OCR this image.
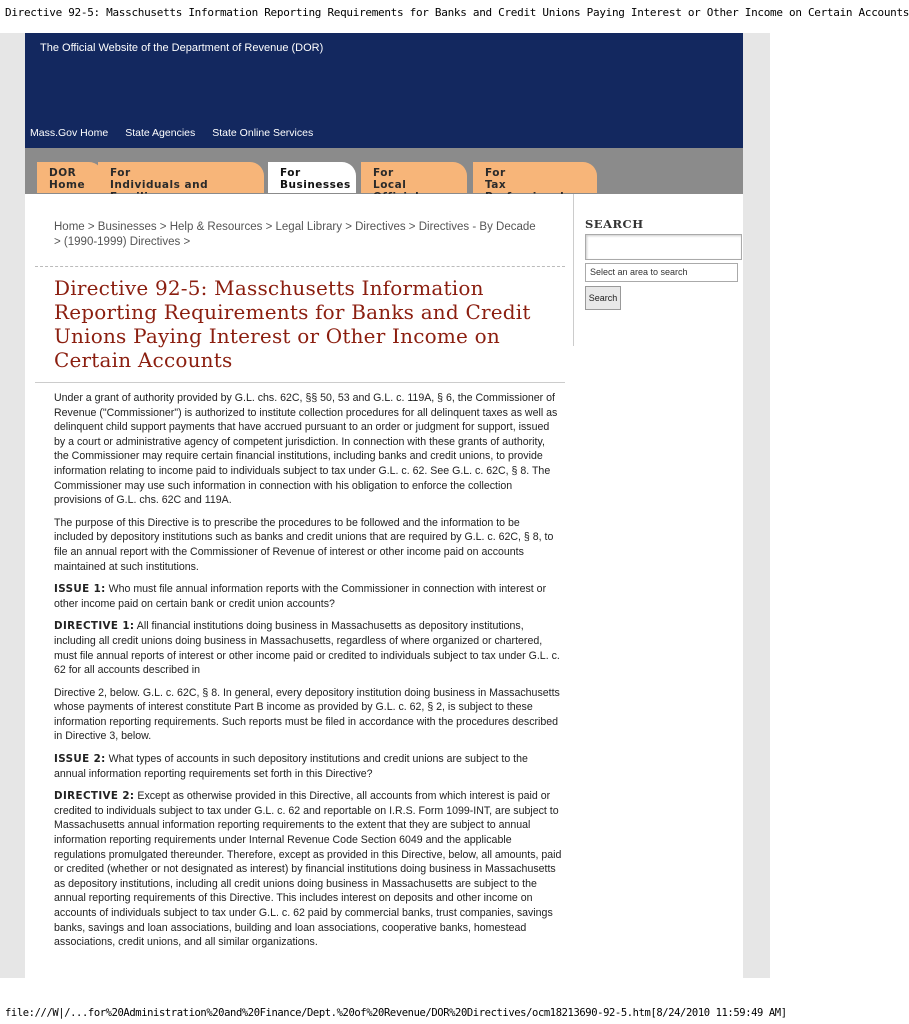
Directive 92-5: Masschusetts Information Reporting Requirements for Banks and Credit Unions Paying Interest or Other Income on Certain Accounts
The Official Website of the Department of Revenue (DOR)
Mass.Gov Home State Agencies State Online Services
DOR
Home
For
Individuals and
For
Businesses
For
Local
For
Tax
Home > Businesses > Help & Resources > Legal Library > Directives > Directives - By Decade > (1990-1999) Directives >
Directive 92-5: Masschusetts Information Reporting Requirements for Banks and Credit Unions Paying Interest or Other Income on Certain Accounts

Under a grant of authority provided by G.L. chs. 62C, §§ 50, 53 and G.L. c. 119A, § 6, the Commissioner of Revenue ("Commissioner") is authorized to institute collection procedures for all delinquent taxes as well as delinquent child support payments that have accrued pursuant to an order or judgment for support, issued by a court or administrative agency of competent jurisdiction. In connection with these grants of authority, the Commissioner may require certain financial institutions, including banks and credit unions, to provide information relating to income paid to individuals subject to tax under G.L. c. 62. See G.L. c. 62C, § 8. The Commissioner may use such information in connection with his obligation to enforce the collection provisions of G.L. chs. 62C and 119A.

The purpose of this Directive is to prescribe the procedures to be followed and the information to be included by depository institutions such as banks and credit unions that are required by G.L. c. 62C, § 8, to file an annual report with the Commissioner of Revenue of interest or other income paid on accounts maintained at such institutions.

ISSUE 1: Who must file annual information reports with the Commissioner in connection with interest or other income paid on certain bank or credit union accounts?

DIRECTIVE 1: All financial institutions doing business in Massachusetts as depository institutions, including all credit unions doing business in Massachusetts, regardless of where organized or chartered, must file annual reports of interest or other income paid or credited to individuals subject to tax under G.L. c. 62 for all accounts described in

Directive 2, below. G.L. c. 62C, § 8. In general, every depository institution doing business in Massachusetts whose payments of interest constitute Part B income as provided by G.L. c. 62, § 2, is subject to these information reporting requirements. Such reports must be filed in accordance with the procedures described in Directive 3, below.

ISSUE 2: What types of accounts in such depository institutions and credit unions are subject to the annual information reporting requirements set forth in this Directive?

DIRECTIVE 2: Except as otherwise provided in this Directive, all accounts from which interest is paid or credited to individuals subject to tax under G.L. c. 62 and reportable on I.R.S. Form 1099-INT, are subject to Massachusetts annual information reporting requirements to the extent that they are subject to annual information reporting requirements under Internal Revenue Code Section 6049 and the applicable regulations promulgated thereunder. Therefore, except as provided in this Directive, below, all amounts, paid or credited (whether or not designated as interest) by financial institutions doing business in Massachusetts as depository institutions, including all credit unions doing business in Massachusetts are subject to the annual reporting requirements of this Directive. This includes interest on deposits and other income on accounts of individuals subject to tax under G.L. c. 62 paid by commercial banks, trust companies, savings banks, savings and loan associations, building and loan associations, cooperative banks, homestead associations, credit unions, and all similar organizations.

SEARCH
Select an area to search
Search
file:///W|/...for%20Administration%20and%20Finance/Dept.%20of%20Revenue/DOR%20Directives/ocm18213690-92-5.htm[8/24/2010 11:59:49 AM]
